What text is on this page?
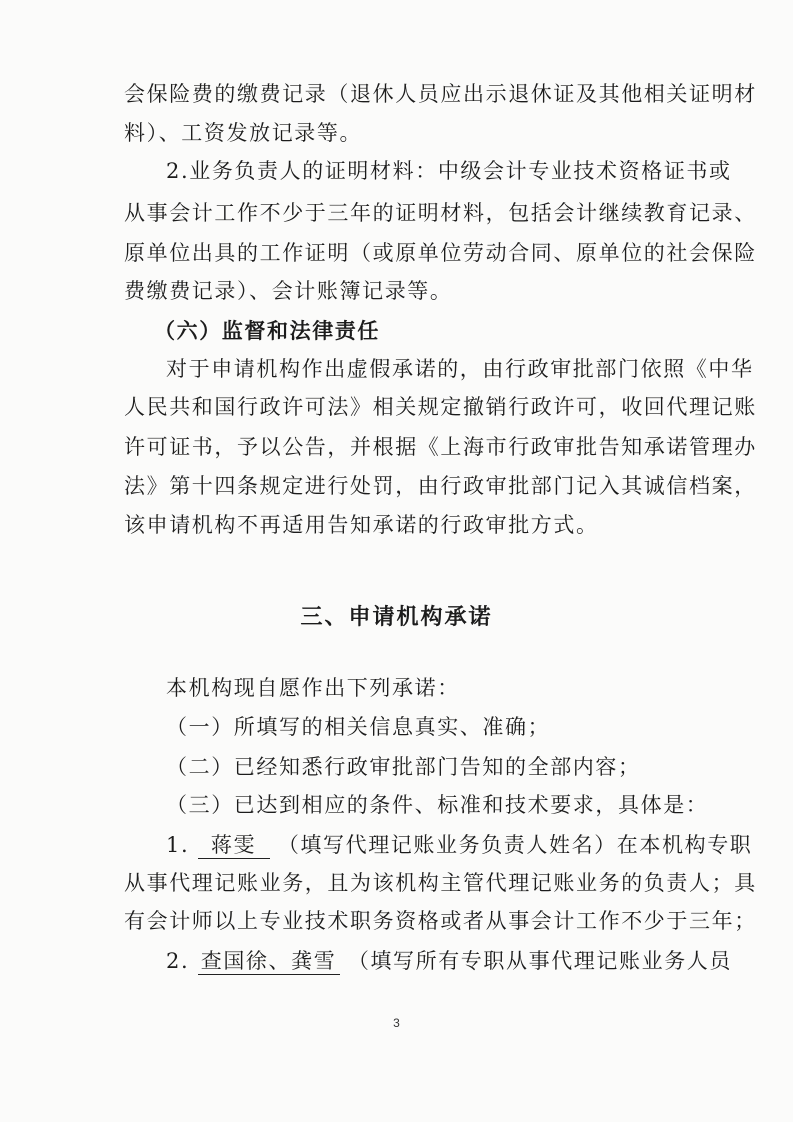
会保险费的缴费记录（退休人员应出示退休证及其他相关证明材
料）、工资发放记录等。
2.业务负责人的证明材料：中级会计专业技术资格证书或
从事会计工作不少于三年的证明材料，包括会计继续教育记录、
原单位出具的工作证明（或原单位劳动合同、原单位的社会保险
费缴费记录）、会计账簿记录等。
（六）监督和法律责任
对于申请机构作出虚假承诺的，由行政审批部门依照《中华
人民共和国行政许可法》相关规定撤销行政许可，收回代理记账
许可证书，予以公告，并根据《上海市行政审批告知承诺管理办
法》第十四条规定进行处罚，由行政审批部门记入其诚信档案，
该申请机构不再适用告知承诺的行政审批方式。
三、申请机构承诺
本机构现自愿作出下列承诺：
（一）所填写的相关信息真实、准确；
（二）已经知悉行政审批部门告知的全部内容；
（三）已达到相应的条件、标准和技术要求，具体是：
1. 蒋雯 （填写代理记账业务负责人姓名）在本机构专职
从事代理记账业务，且为该机构主管代理记账业务的负责人；具
有会计师以上专业技术职务资格或者从事会计工作不少于三年；
2. 查国徐、龚雪 （填写所有专职从事代理记账业务人员
3
